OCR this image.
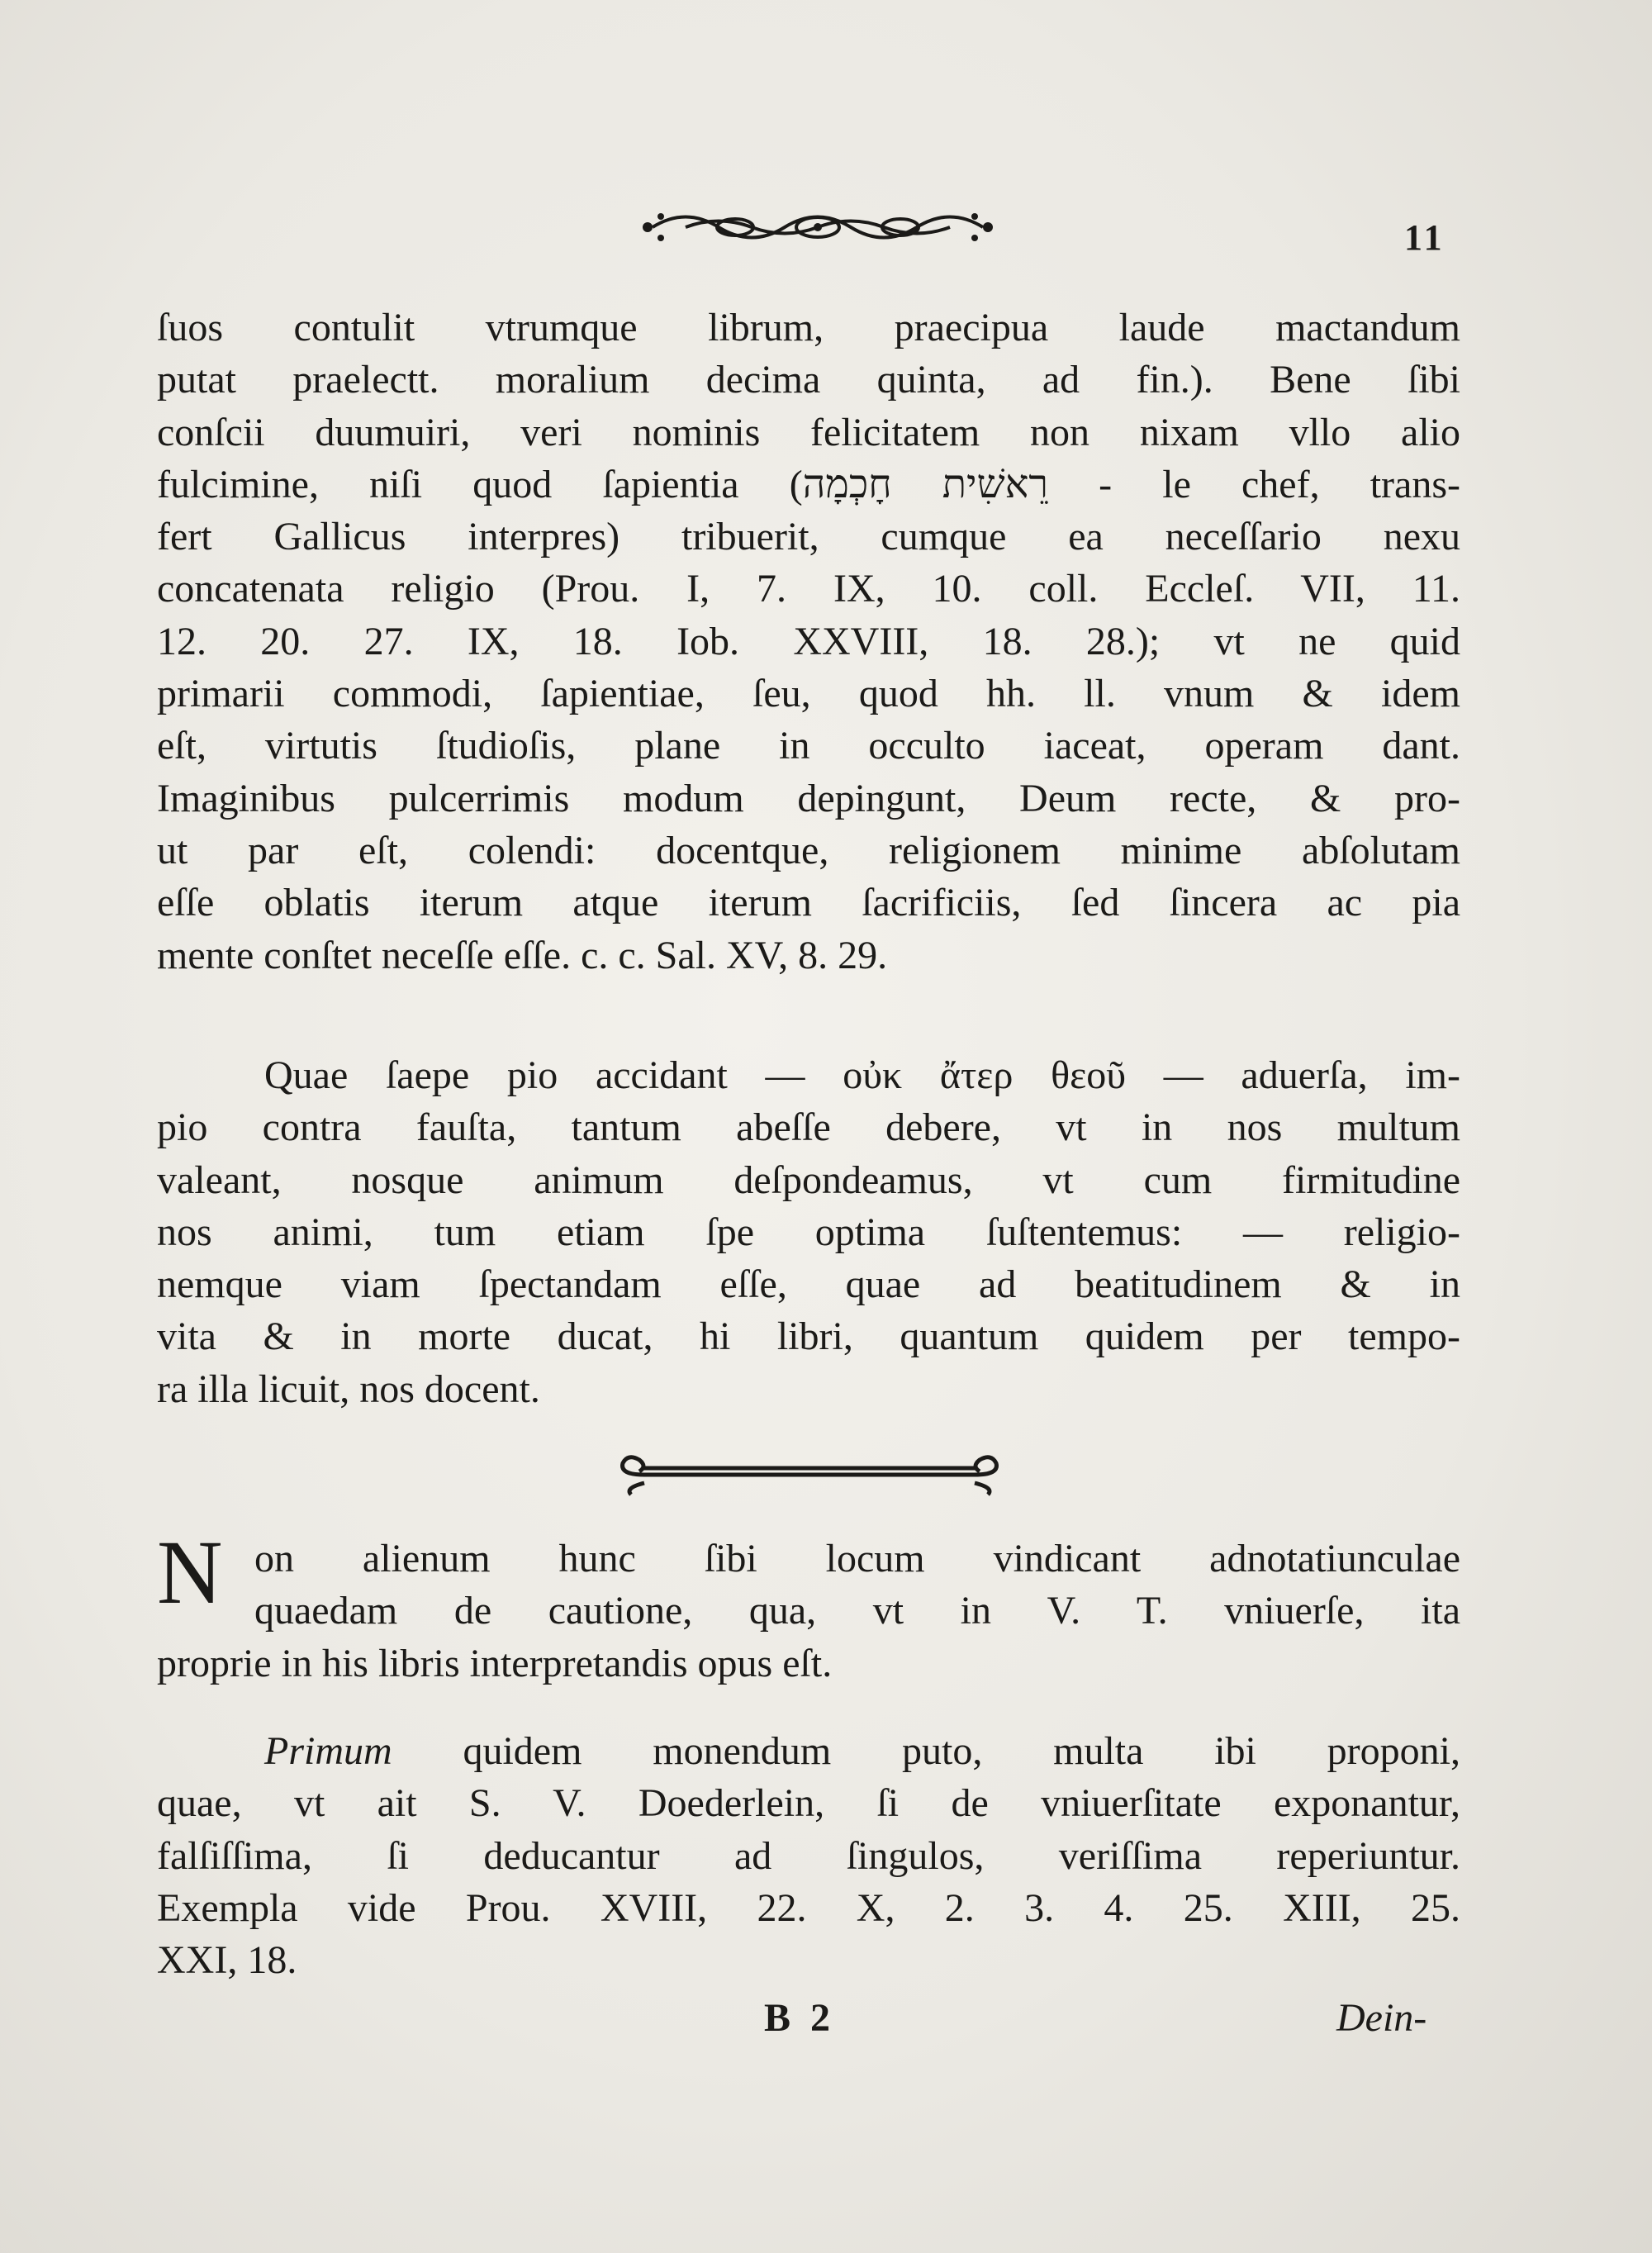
11
ſuos contulit vtrumque librum, praecipua laude mactandum
putat praelectt. moralium decima quinta, ad fin.). Bene ſibi
conſcii duumuiri, veri nominis felicitatem non nixam vllo alio
fulcimine, niſi quod ſapientia (רֵאשִׁית חָכְמָה - le chef, trans-
fert Gallicus interpres) tribuerit, cumque ea neceſſario nexu
concatenata religio (Prou. I, 7. IX, 10. coll. Eccleſ. VII, 11.
12. 20. 27. IX, 18. Iob. XXVIII, 18. 28.); vt ne quid
primarii commodi, ſapientiae, ſeu, quod hh. ll. vnum & idem
eſt, virtutis ſtudioſis, plane in occulto iaceat, operam dant.
Imaginibus pulcerrimis modum depingunt, Deum recte, & pro-
ut par eſt, colendi: docentque, religionem minime abſolutam
eſſe oblatis iterum atque iterum ſacrificiis, ſed ſincera ac pia
mente conſtet neceſſe eſſe. c. c. Sal. XV, 8. 29.
Quae ſaepe pio accidant — οὐκ ἄτερ θεοῦ — aduerſa, im-
pio contra fauſta, tantum abeſſe debere, vt in nos multum
valeant, nosque animum deſpondeamus, vt cum firmitudine
nos animi, tum etiam ſpe optima ſuſtentemus: — religio-
nemque viam ſpectandam eſſe, quae ad beatitudinem & in
vita & in morte ducat, hi libri, quantum quidem per tempo-
ra illa licuit, nos docent.
N on alienum hunc ſibi locum vindicant adnotatiunculae
quaedam de cautione, qua, vt in V. T. vniuerſe, ita
proprie in his libris interpretandis opus eſt.
Primum quidem monendum puto, multa ibi proponi,
quae, vt ait S. V. Doederlein, ſi de vniuerſitate exponantur,
falſiſſima, ſi deducantur ad ſingulos, veriſſima reperiuntur.
Exempla vide Prou. XVIII, 22. X, 2. 3. 4. 25. XIII, 25.
XXI, 18.
B 2	Dein-
